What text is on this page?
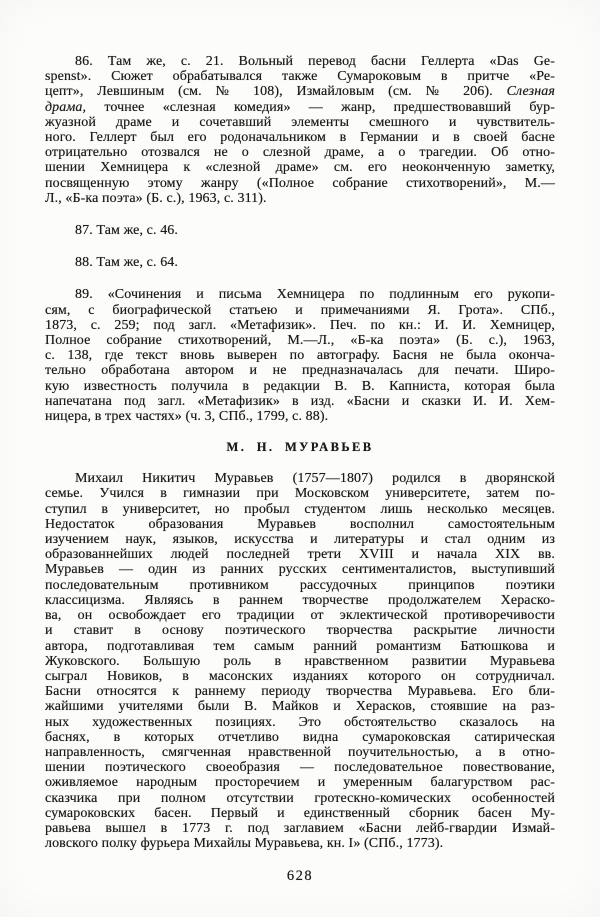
86. Там же, с. 21. Вольный перевод басни Геллерта «Das Ge-
spenst». Сюжет обрабатывался также Сумароковым в притче «Ре-
цепт», Левшиным (см. № 108), Измайловым (см. № 206). Слезная
драма, точнее «слезная комедия» — жанр, предшествовавший бур-
жуазной драме и сочетавший элементы смешного и чувствитель-
ного. Геллерт был его родоначальником в Германии и в своей басне
отрицательно отозвался не о слезной драме, а о трагедии. Об отно-
шении Хемницера к «слезной драме» см. его неоконченную заметку,
посвященную этому жанру («Полное собрание стихотворений», М.—
Л., «Б-ка поэта» (Б. с.), 1963, с. 311).
87. Там же, с. 46.
88. Там же, с. 64.
89. «Сочинения и письма Хемницера по подлинным его рукопи-
сям, с биографической статьею и примечаниями Я. Грота». СПб.,
1873, с. 259; под загл. «Метафизик». Печ. по кн.: И. И. Хемницер,
Полное собрание стихотворений, М.—Л., «Б-ка поэта» (Б. с.), 1963,
с. 138, где текст вновь выверен по автографу. Басня не была оконча-
тельно обработана автором и не предназначалась для печати. Широ-
кую известность получила в редакции В. В. Капниста, которая была
напечатана под загл. «Метафизик» в изд. «Басни и сказки И. И. Хем-
ницера, в трех частях» (ч. 3, СПб., 1799, с. 88).
М. Н. МУРАВЬЕВ
Михаил Никитич Муравьев (1757—1807) родился в дворянской
семье. Учился в гимназии при Московском университете, затем по-
ступил в университет, но пробыл студентом лишь несколько месяцев.
Недостаток образования Муравьев восполнил самостоятельным
изучением наук, языков, искусства и литературы и стал одним из
образованнейших людей последней трети XVIII и начала XIX вв.
Муравьев — один из ранних русских сентименталистов, выступивший
последовательным противником рассудочных принципов поэтики
классицизма. Являясь в раннем творчестве продолжателем Хераско-
ва, он освобождает его традиции от эклектической противоречивости
и ставит в основу поэтического творчества раскрытие личности
автора, подготавливая тем самым ранний романтизм Батюшкова и
Жуковского. Большую роль в нравственном развитии Муравьева
сыграл Новиков, в масонских изданиях которого он сотрудничал.
Басни относятся к раннему периоду творчества Муравьева. Его бли-
жайшими учителями были В. Майков и Херасков, стоявшие на раз-
ных художественных позициях. Это обстоятельство сказалось на
баснях, в которых отчетливо видна сумароковская сатирическая
направленность, смягченная нравственной поучительностью, а в отно-
шении поэтического своеобразия — последовательное повествование,
оживляемое народным просторечием и умеренным балагурством рас-
сказчика при полном отсутствии гротескно-комических особенностей
сумароковских басен. Первый и единственный сборник басен Му-
равьева вышел в 1773 г. под заглавием «Басни лейб-гвардии Измай-
ловского полку фурьера Михайлы Муравьева, кн. I» (СПб., 1773).
628
